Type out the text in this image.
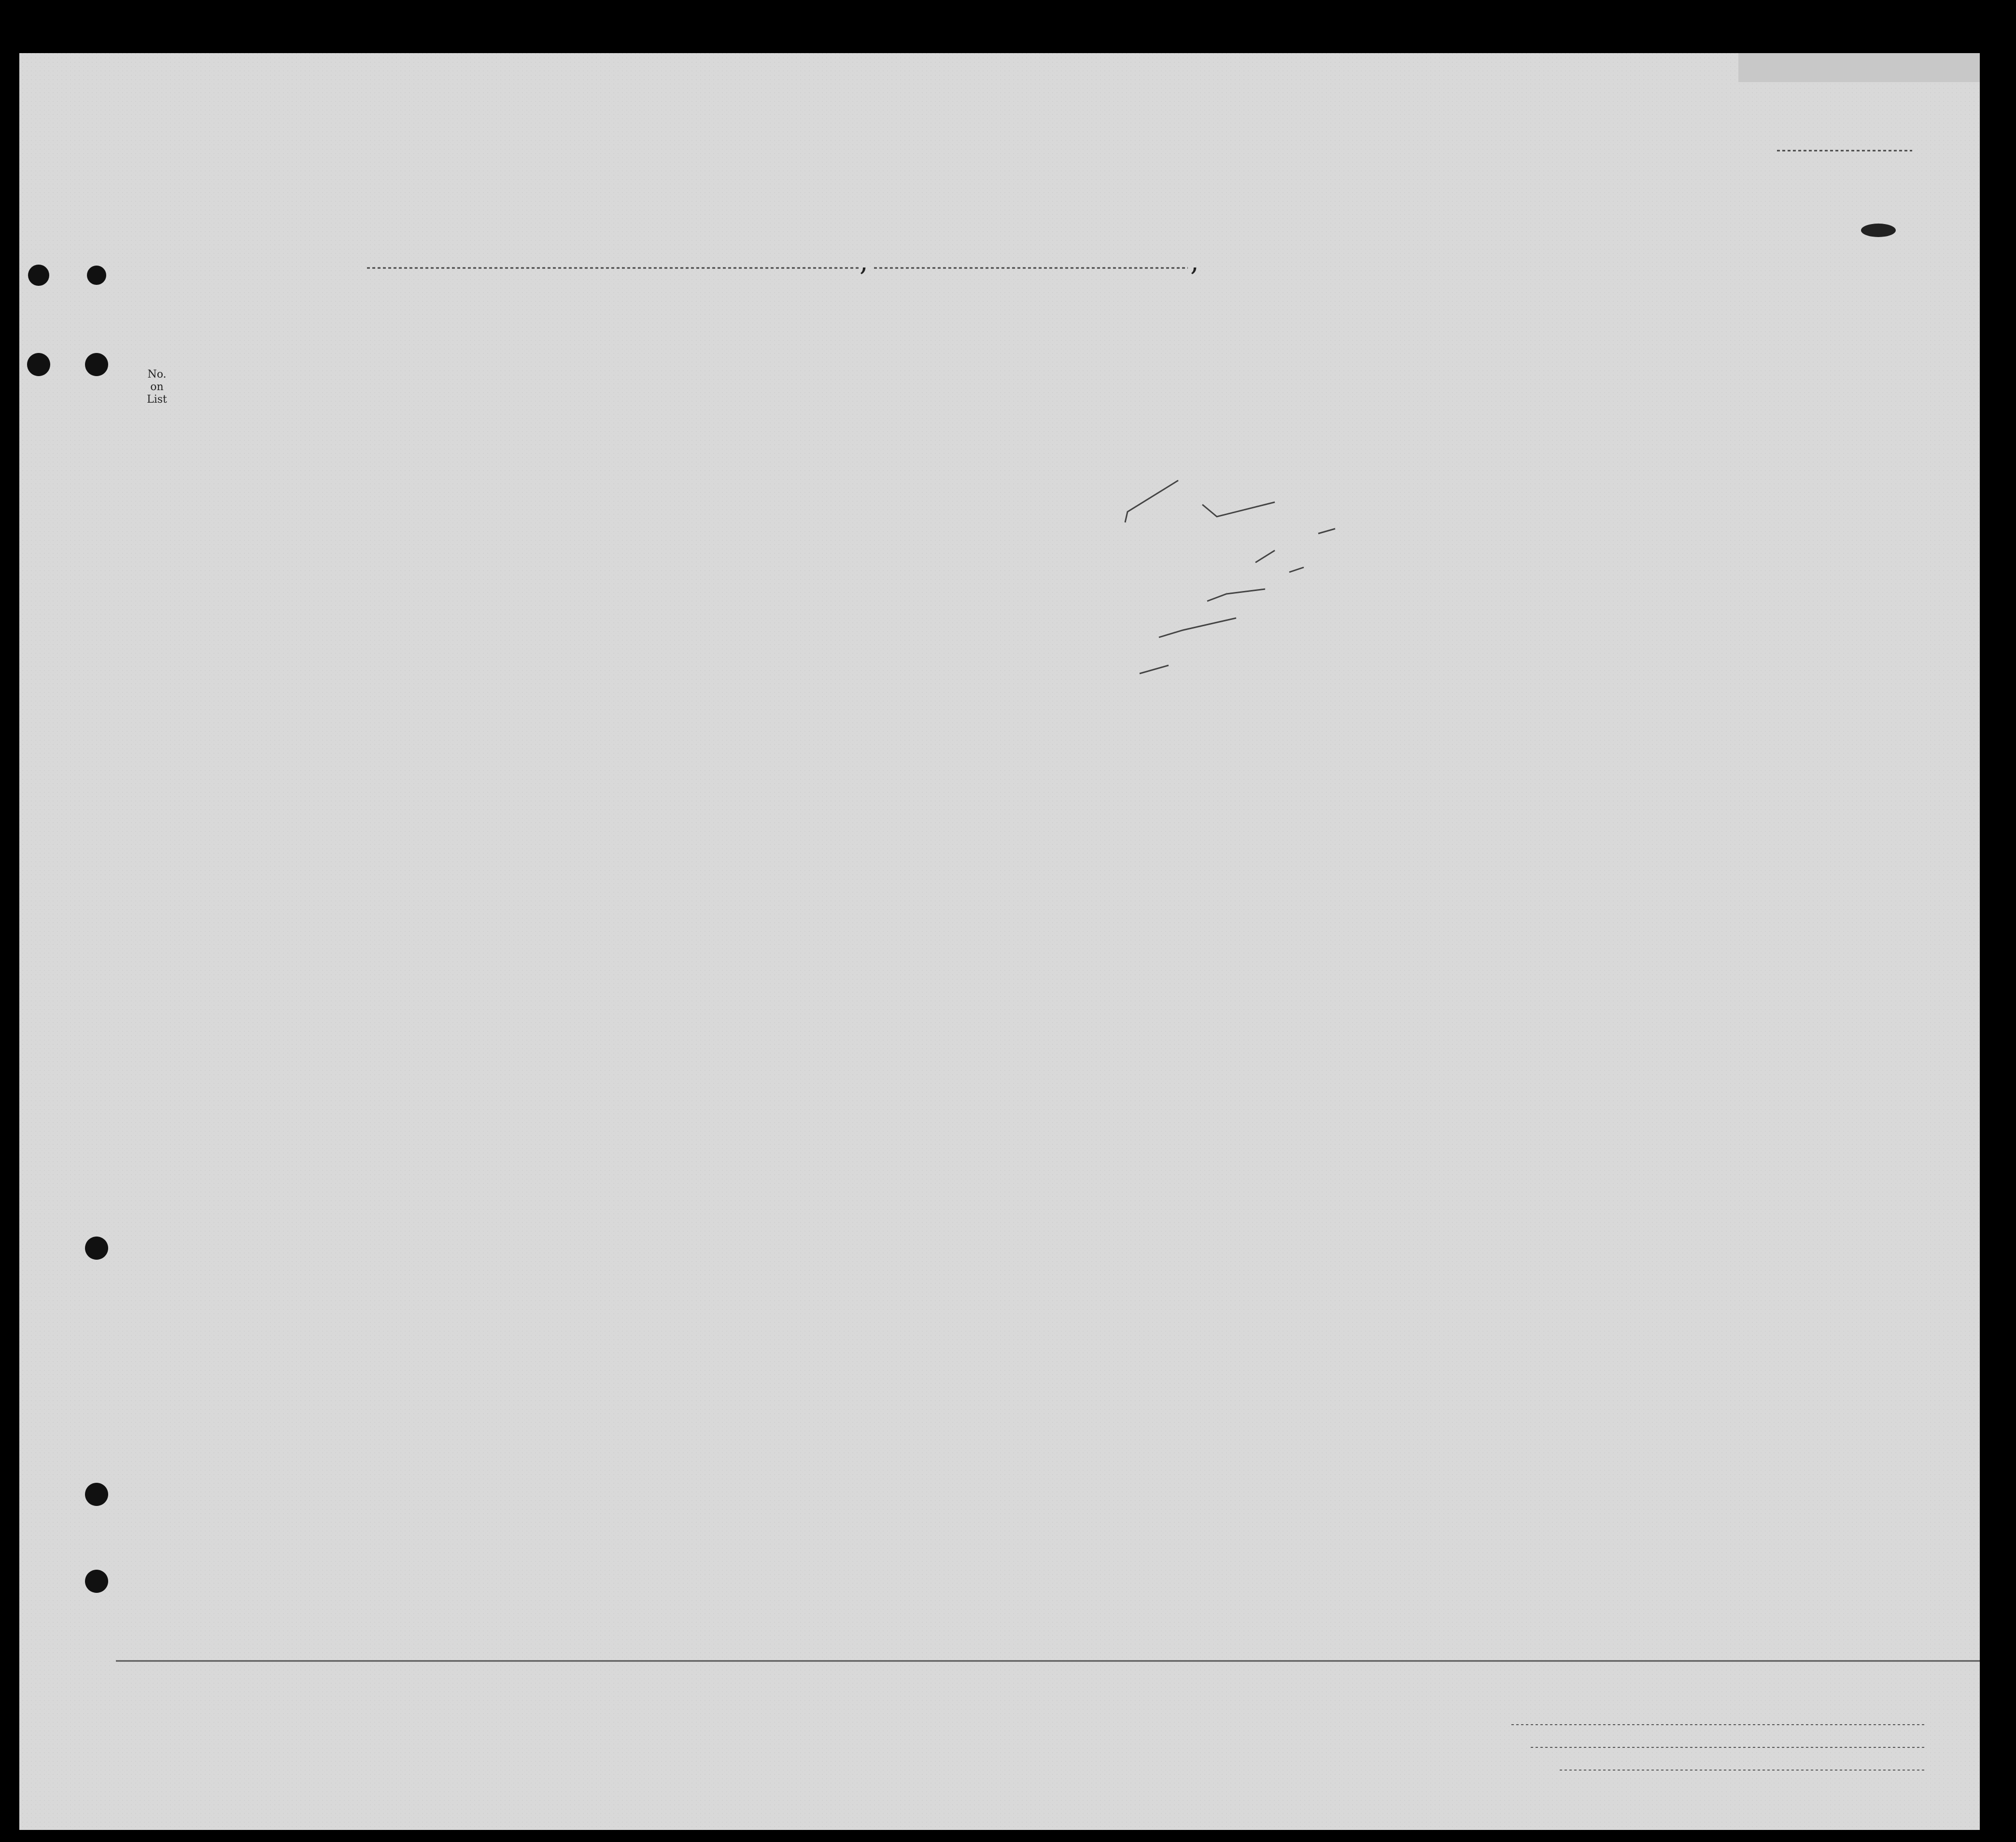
,	,
No. on List
